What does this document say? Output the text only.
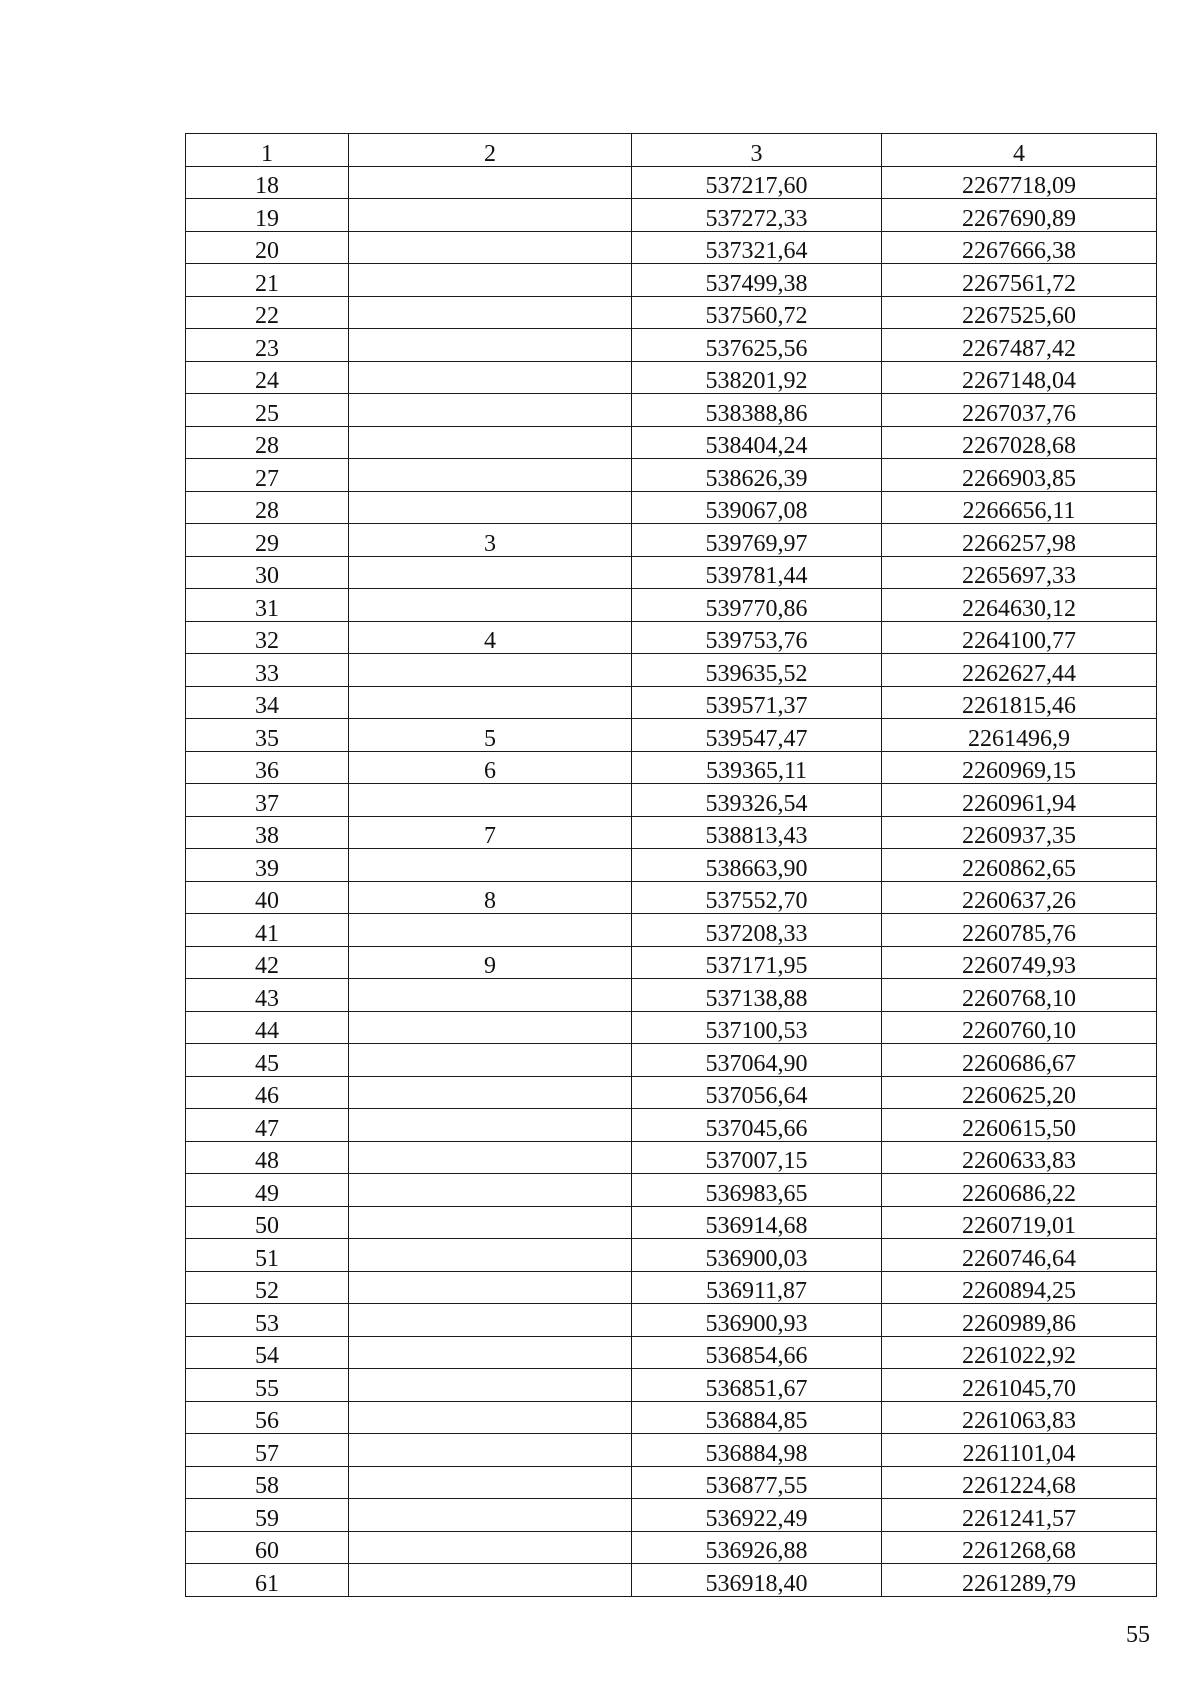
1	2	3	4
18		537217,60	2267718,09
19		537272,33	2267690,89
20		537321,64	2267666,38
21		537499,38	2267561,72
22		537560,72	2267525,60
23		537625,56	2267487,42
24		538201,92	2267148,04
25		538388,86	2267037,76
28		538404,24	2267028,68
27		538626,39	2266903,85
28		539067,08	2266656,11
29	3	539769,97	2266257,98
30		539781,44	2265697,33
31		539770,86	2264630,12
32	4	539753,76	2264100,77
33		539635,52	2262627,44
34		539571,37	2261815,46
35	5	539547,47	2261496,9
36	6	539365,11	2260969,15
37		539326,54	2260961,94
38	7	538813,43	2260937,35
39		538663,90	2260862,65
40	8	537552,70	2260637,26
41		537208,33	2260785,76
42	9	537171,95	2260749,93
43		537138,88	2260768,10
44		537100,53	2260760,10
45		537064,90	2260686,67
46		537056,64	2260625,20
47		537045,66	2260615,50
48		537007,15	2260633,83
49		536983,65	2260686,22
50		536914,68	2260719,01
51		536900,03	2260746,64
52		536911,87	2260894,25
53		536900,93	2260989,86
54		536854,66	2261022,92
55		536851,67	2261045,70
56		536884,85	2261063,83
57		536884,98	2261101,04
58		536877,55	2261224,68
59		536922,49	2261241,57
60		536926,88	2261268,68
61		536918,40	2261289,79
55
